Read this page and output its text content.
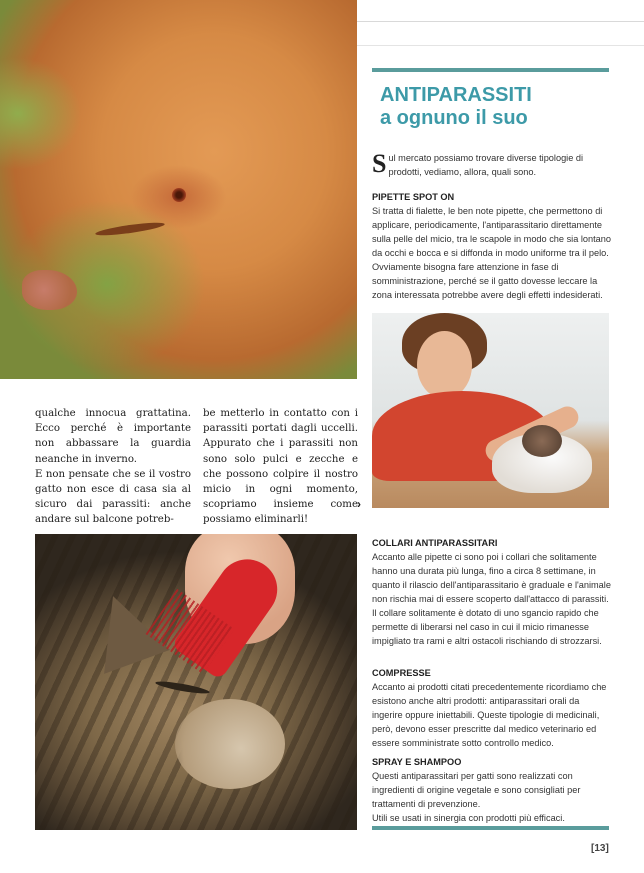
ANTIPARASSITI
a ognuno il suo
S ul mercato possiamo trovare diverse tipologie di prodotti, vediamo, allora, quali sono.

PIPETTE SPOT ON

Si tratta di fialette, le ben note pipette, che permettono di applicare, periodicamente, l'antiparassitario direttamente sulla pelle del micio, tra le scapole in modo che sia lontano da occhi e bocca e si diffonda in modo uniforme tra il pelo. Ovviamente bisogna fare attenzione in fase di somministrazione, perché se il gatto dovesse leccare la zona interessata potrebbe avere degli effetti indesiderati.

COLLARI ANTIPARASSITARI

Accanto alle pipette ci sono poi i collari che solitamente hanno una durata più lunga, fino a circa 8 settimane, in quanto il rilascio dell'antiparassitario è graduale e l'animale non rischia mai di essere scoperto dall'attacco di parassiti. Il collare solitamente è dotato di uno sgancio rapido che permette di liberarsi nel caso in cui il micio rimanesse impigliato tra rami e altri ostacoli rischiando di strozzarsi.

COMPRESSE

Accanto ai prodotti citati precedentemente ricordiamo che esistono anche altri prodotti: antiparassitari orali da ingerire oppure iniettabili. Queste tipologie di medicinali, però, devono esser prescritte dal medico veterinario ed essere somministrate sotto controllo medico.

SPRAY E SHAMPOO

Questi antiparassitari per gatti sono realizzati con ingredienti di origine vegetale e sono consigliati per trattamenti di prevenzione.

Utili se usati in sinergia con prodotti più efficaci.

qualche innocua grattatina. Ecco perché è importante non abbassare la guardia neanche in inverno.

E non pensate che se il vostro gatto non esce di casa sia al sicuro dai parassiti: anche andare sul balcone potreb-

be metterlo in contatto con i parassiti portati dagli uccelli. Appurato che i parassiti non sono solo pulci e zecche e che possono colpire il nostro micio in ogni momento, scopriamo insieme come possiamo eliminarli!

›
[13]
